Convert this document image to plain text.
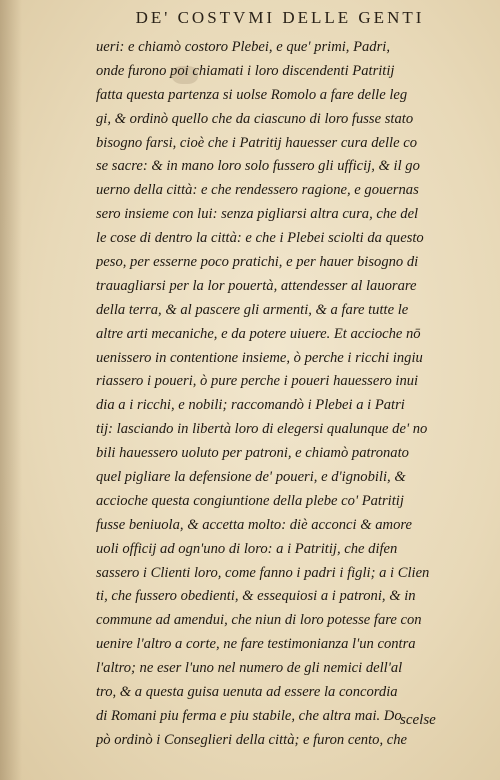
DE' COSTVMI DELLE GENTI
ueri: e chiamò costoro Plebei, e que' primi, Padri,
onde furono poi chiamati i loro discendenti Patritij
fatta questa partenza si uolse Romolo a fare delle leg
gi, & ordinò quello che da ciascuno di loro fusse stato
bisogno farsi, cioè che i Patritij hauesser cura delle co
se sacre: & in mano loro solo fussero gli ufficij, & il go
uerno della città: e che rendessero ragione, e gouernas
sero insieme con lui: senza pigliarsi altra cura, che del
le cose di dentro la città: e che i Plebei sciolti da questo
peso, per esserne poco pratichi, e per hauer bisogno di
trauagliarsi per la lor pouertà, attendesser al lauorare
della terra, & al pascere gli armenti, & a fare tutte le
altre arti mecaniche, e da potere uiuere. Et accioche nō
uenissero in contentione insieme, ò perche i ricchi ingiu
riassero i poueri, ò pure perche i poueri hauessero inui
dia a i ricchi, e nobili; raccomandò i Plebei a i Patri
tij: lasciando in libertà loro di elegersi qualunque de' no
bili hauessero uoluto per patroni, e chiamò patronato
quel pigliare la defensione de' poueri, e d'ignobili, &
accioche questa congiuntione della plebe co' Patritij
fusse beniuola, & accetta molto: diè acconci & amore
uoli officij ad ogn'uno di loro: a i Patritij, che difen
sassero i Clienti loro, come fanno i padri i figli; a i Clien
ti, che fussero obedienti, & essequiosi a i patroni, & in
commune ad amendui, che niun di loro potesse fare con
uenire l'altro a corte, ne fare testimonianza l'un contra
l'altro; ne eser l'uno nel numero de gli nemici dell'al
tro, & a questa guisa uenuta ad essere la concordia
di Romani piu ferma e piu stabile, che altra mai. Do
pò ordinò i Conseglieri della città; e furon cento, che
scelse
